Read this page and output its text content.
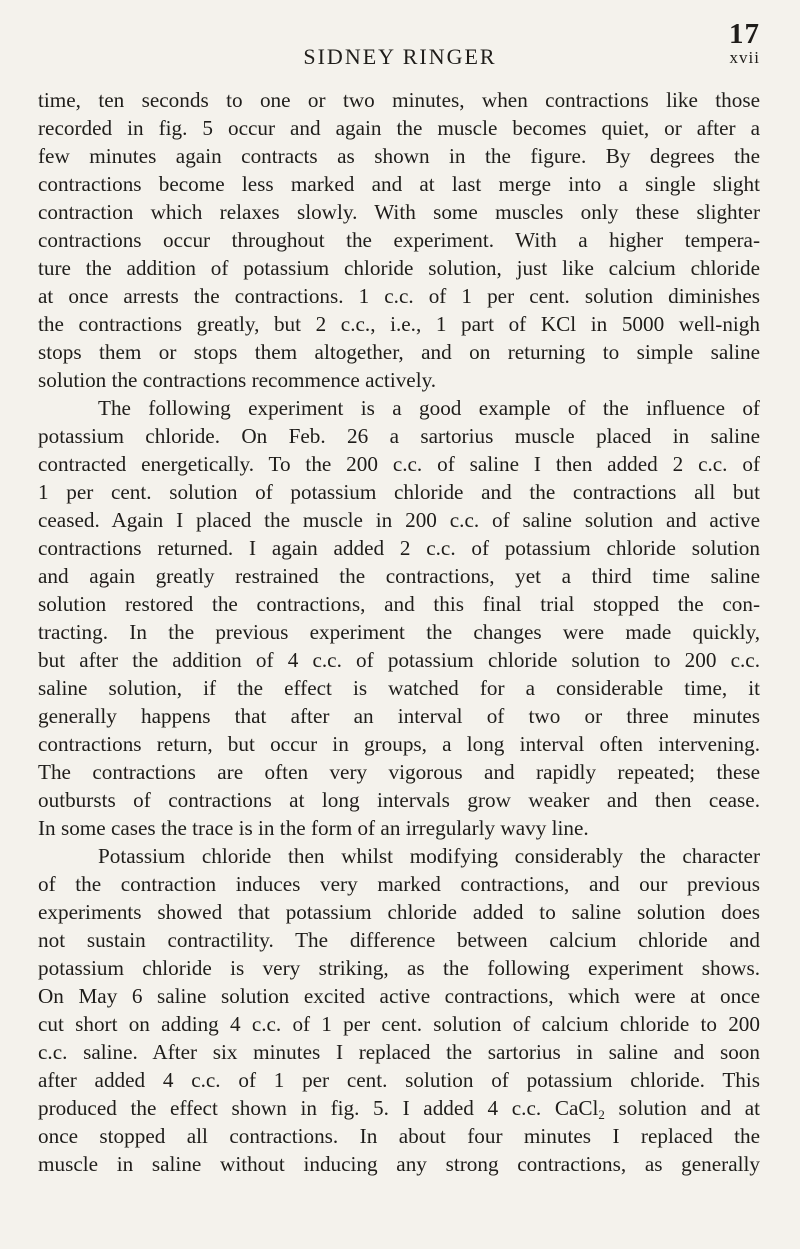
17
SIDNEY RINGER	xvii
time, ten seconds to one or two minutes, when contractions like those
recorded in fig. 5 occur and again the muscle becomes quiet, or after a
few minutes again contracts as shown in the figure. By degrees the
contractions become less marked and at last merge into a single slight
contraction which relaxes slowly. With some muscles only these slighter
contractions occur throughout the experiment. With a higher tempera-
ture the addition of potassium chloride solution, just like calcium chloride
at once arrests the contractions. 1 c.c. of 1 per cent. solution diminishes
the contractions greatly, but 2 c.c., i.e., 1 part of KCl in 5000 well-nigh
stops them or stops them altogether, and on returning to simple saline
solution the contractions recommence actively.
The following experiment is a good example of the influence of
potassium chloride. On Feb. 26 a sartorius muscle placed in saline
contracted energetically. To the 200 c.c. of saline I then added 2 c.c. of
1 per cent. solution of potassium chloride and the contractions all but
ceased. Again I placed the muscle in 200 c.c. of saline solution and active
contractions returned. I again added 2 c.c. of potassium chloride solution
and again greatly restrained the contractions, yet a third time saline
solution restored the contractions, and this final trial stopped the con-
tracting. In the previous experiment the changes were made quickly,
but after the addition of 4 c.c. of potassium chloride solution to 200 c.c.
saline solution, if the effect is watched for a considerable time, it
generally happens that after an interval of two or three minutes
contractions return, but occur in groups, a long interval often intervening.
The contractions are often very vigorous and rapidly repeated; these
outbursts of contractions at long intervals grow weaker and then cease.
In some cases the trace is in the form of an irregularly wavy line.
Potassium chloride then whilst modifying considerably the character
of the contraction induces very marked contractions, and our previous
experiments showed that potassium chloride added to saline solution does
not sustain contractility. The difference between calcium chloride and
potassium chloride is very striking, as the following experiment shows.
On May 6 saline solution excited active contractions, which were at once
cut short on adding 4 c.c. of 1 per cent. solution of calcium chloride to 200
c.c. saline. After six minutes I replaced the sartorius in saline and soon
after added 4 c.c. of 1 per cent. solution of potassium chloride. This
produced the effect shown in fig. 5. I added 4 c.c. CaCl$_2$ solution and at
once stopped all contractions. In about four minutes I replaced the
muscle in saline without inducing any strong contractions, as generally
